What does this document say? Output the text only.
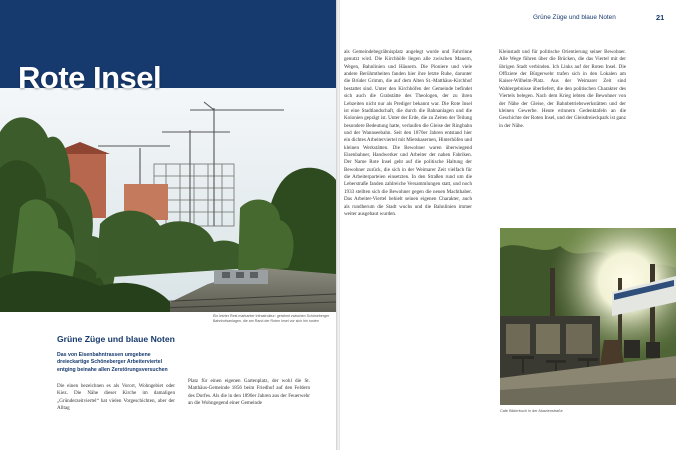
Rote Insel
Ein letzter Rest markanter Infrastruktur: gerahmt zwischen Schöneberger Bahnhofsanlagen, die am Rand der Roten Insel vor sich hin rosten
Grüne Züge und blaue Noten

Das von Eisenbahntrassen umgebene dreieckartige Schöneberger Arbeiterviertel entging beinahe allen Zerstörungsversuchen

Die einen bezeichnen es als Vorort, Wohngebiet oder Kiez. Die Nähe dieser Kirche im damaligen „Gründerzeitviertel“ hat vielen Vorgeschichten, aber der Alltag

Platz für einen eigenen Gartenplatz, der wohl die St. Matthäus-Gemeinde 1856 beim Friedhof auf den Feldern des Dorfes. Als die in den 1890er Jahren aus der Feuerwehr an die Wohngegend einer Gemeinde

Grüne Züge und blaue Noten	21

als Gemeindebegräbnisplatz angelegt wurde und Fahrrinne genutzt wird. Die Kirchhöfe liegen alle zwischen Mauern, Wegen, Bahnlinien und Häusern. Die Pioniere und viele andere Berühmtheiten fanden hier ihre letzte Ruhe, darunter die Brüder Grimm, die auf dem Alten St.-Matthäus-Kirchhof bestattet sind. Unter den Kirchhöfen der Gemeinde befindet sich auch die Grabstätte des Theologen, der zu ihren Lebzeiten nicht nur als Prediger bekannt war. Die Rote Insel ist eine Stadtlandschaft, die durch die Bahnanlagen und die Kolonien geprägt ist. Unter der Erde, die zu Zeiten der Teilung besondere Bedeutung hatte, verlaufen die Gleise der Ringbahn und der Wannseebahn. Seit den 1870er Jahren entstand hier ein dichtes Arbeiterviertel mit Mietskasernen, Hinterhöfen und kleinen Werkstätten. Die Bewohner waren überwiegend Eisenbahner, Handwerker und Arbeiter der nahen Fabriken. Der Name Rote Insel geht auf die politische Haltung der Bewohner zurück, die sich in der Weimarer Zeit vielfach für die Arbeiterparteien einsetzten. In den Straßen rund um die Leberstraße fanden zahlreiche Versammlungen statt, und noch 1933 stellten sich die Bewohner gegen die neuen Machthaber. Das Arbeiter-Viertel behielt seinen eigenen Charakter, auch als rundherum die Stadt wuchs und die Bahnlinien immer weiter ausgebaut wurden.

Kleinstadt und für politische Orientierung seiner Bewohner. Alle Wege führen über die Brücken, die das Viertel mit der übrigen Stadt verbinden. Ich Links auf der Roten Insel. Die Offiziere der Bürgerwehr trafen sich in den Lokalen am Kaiser-Wilhelm-Platz. Aus der Weimarer Zeit sind Wahlergebnisse überliefert, die den politischen Charakter des Viertels belegen. Nach dem Krieg lebten die Bewohner von der Nähe der Gleise, der Bahnbetriebswerkstätten und der kleinen Gewerbe. Heute erinnern Gedenktafeln an die Geschichte der Roten Insel, und der Gleisdreieckpark ist ganz in der Nähe.

Café Bilderbuch in der Akazienstraße
